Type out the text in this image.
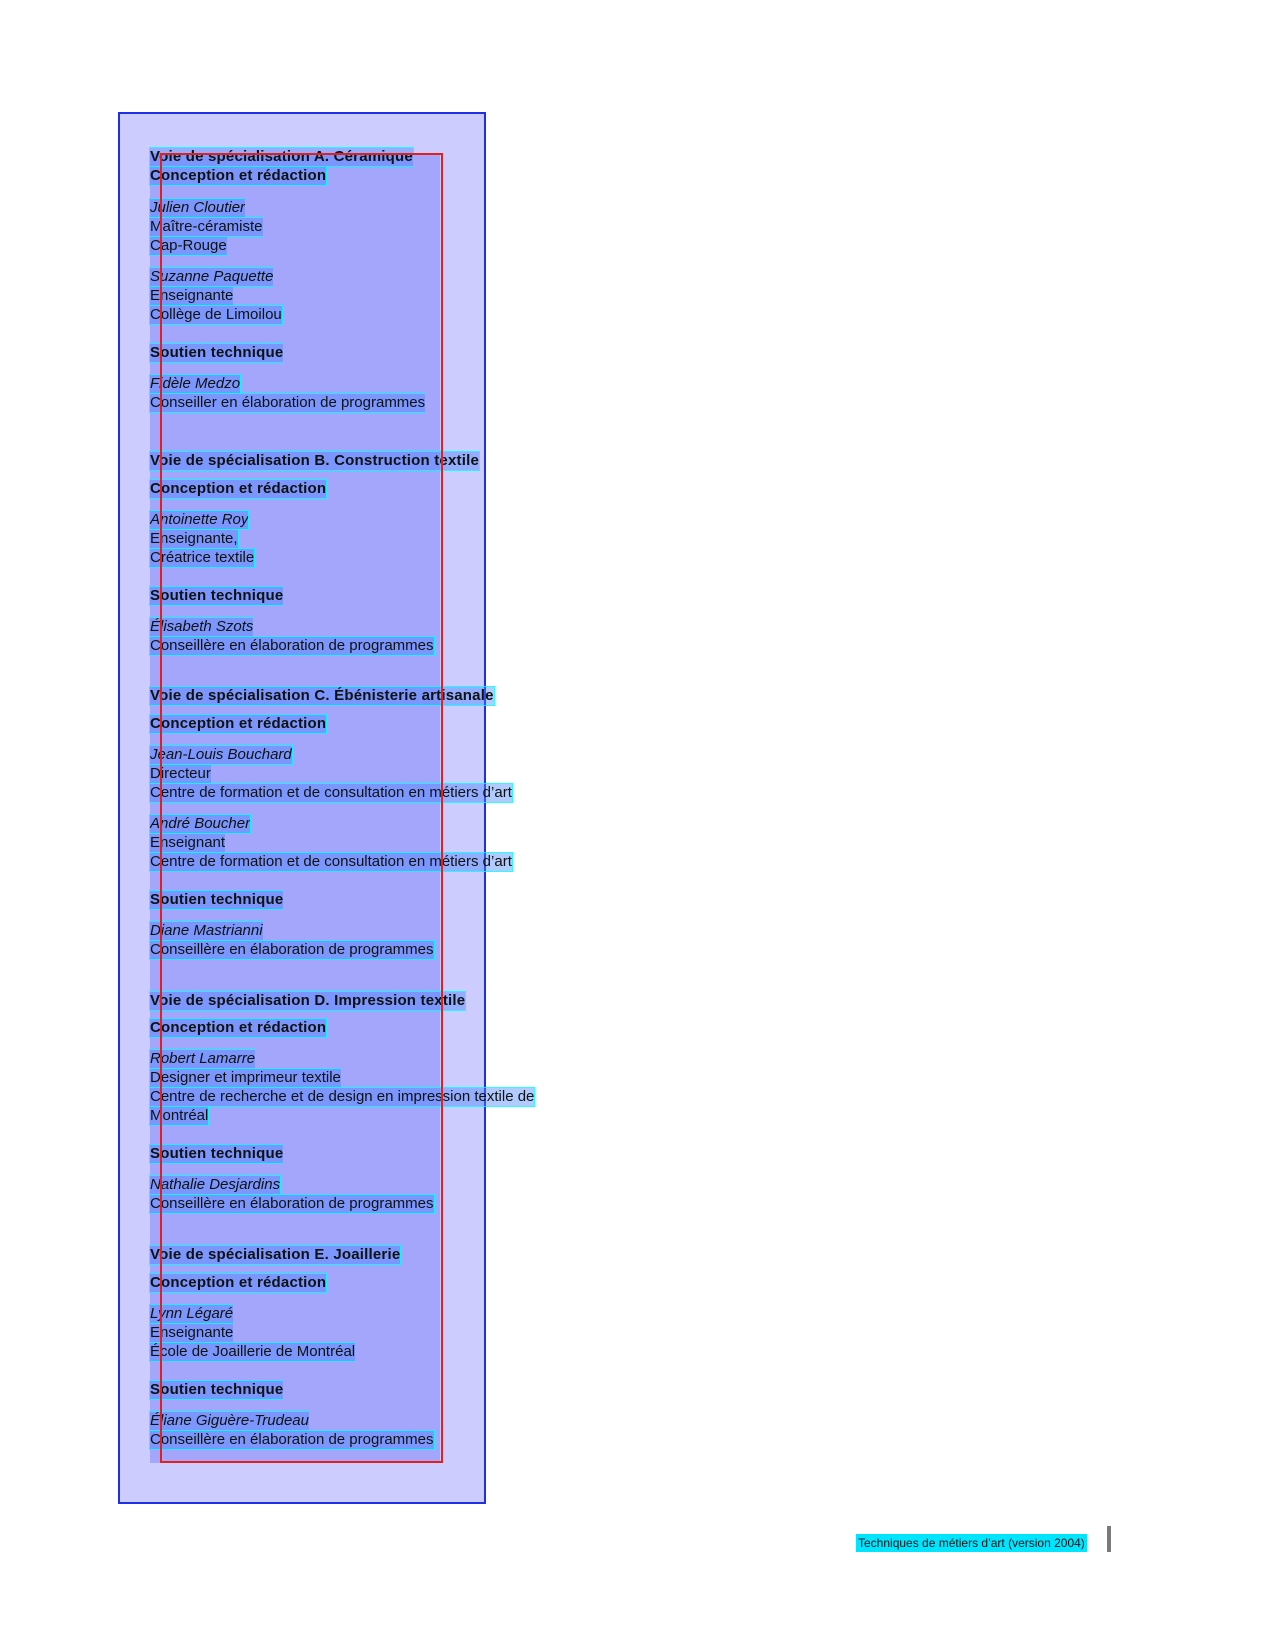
Voie de spécialisation A. Céramique
Conception et rédaction
Julien Cloutier
Maître-céramiste
Cap-Rouge
Suzanne Paquette
Enseignante
Collège de Limoilou
Soutien technique
Fidèle Medzo
Conseiller en élaboration de programmes
Voie de spécialisation B. Construction textile
Conception et rédaction
Antoinette Roy
Enseignante,
Créatrice textile
Soutien technique
Élisabeth Szots
Conseillère en élaboration de programmes
Voie de spécialisation C. Ébénisterie artisanale
Conception et rédaction
Jean-Louis Bouchard
Directeur
Centre de formation et de consultation en métiers d’art
André Boucher
Enseignant
Centre de formation et de consultation en métiers d’art
Soutien technique
Diane Mastrianni
Conseillère en élaboration de programmes
Voie de spécialisation D. Impression textile
Conception et rédaction
Robert Lamarre
Designer et imprimeur textile
Centre de recherche et de design en impression textile de
Montréal
Soutien technique
Nathalie Desjardins
Conseillère en élaboration de programmes
Voie de spécialisation E. Joaillerie
Conception et rédaction
Lynn Légaré
Enseignante
École de Joaillerie de Montréal
Soutien technique
Éliane Giguère-Trudeau
Conseillère en élaboration de programmes
Techniques de métiers d’art (version 2004)
